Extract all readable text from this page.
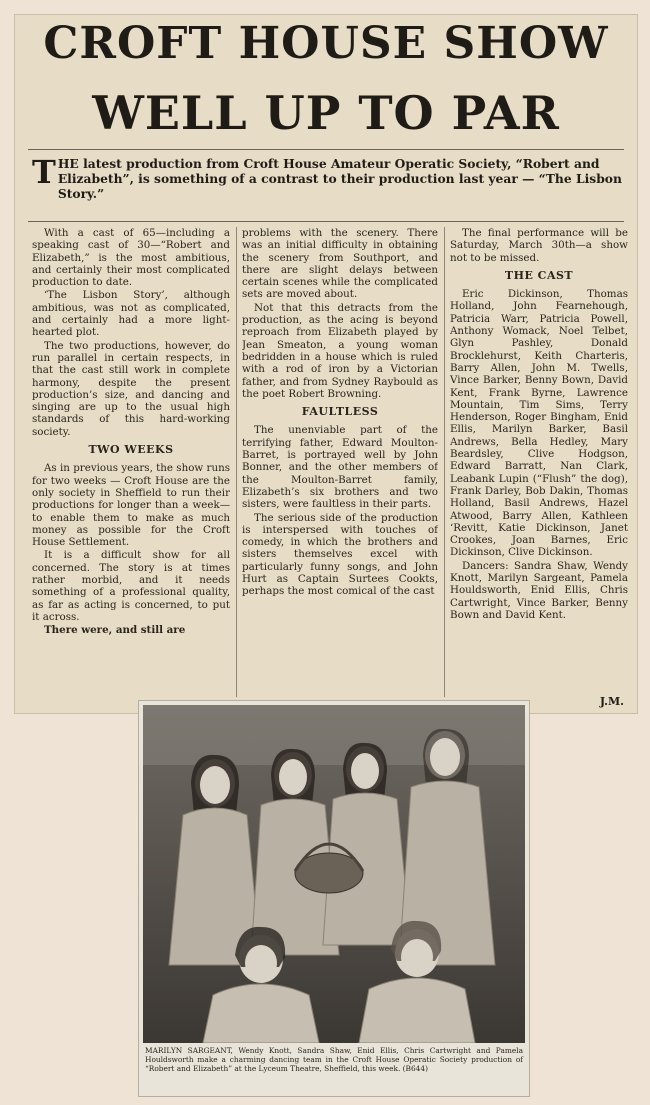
CROFT HOUSE SHOW
WELL UP TO PAR
T HE latest production from Croft House Amateur Operatic Society, “Robert and Elizabeth”, is something of a contrast to their production last year — “The Lisbon Story.”

With a cast of 65—including a speaking cast of 30—“Robert and Elizabeth,” is the most ambitious, and certainly their most complicated production to date.

‘The Lisbon Story’, although ambitious, was not as complicated, and certainly had a more light-hearted plot.

The two productions, however, do run parallel in certain respects, in that the cast still work in complete harmony, despite the present production’s size, and dancing and singing are up to the usual high standards of this hard-working society.

TWO WEEKS

As in previous years, the show runs for two weeks — Croft House are the only society in Sheffield to run their productions for longer than a week—to enable them to make as much money as possible for the Croft House Settlement.

It is a difficult show for all concerned. The story is at times rather morbid, and it needs something of a professional quality, as far as acting is concerned, to put it across.

There were, and still are

problems with the scenery. There was an initial difficulty in obtaining the scenery from Southport, and there are slight delays between certain scenes while the complicated sets are moved about.

Not that this detracts from the production, as the acing is beyond reproach from Elizabeth played by Jean Smeaton, a young woman bedridden in a house which is ruled with a rod of iron by a Victorian father, and from Sydney Raybould as the poet Robert Browning.

FAULTLESS

The unenviable part of the terrifying father, Edward Moulton-Barret, is portrayed well by John Bonner, and the other members of the Moulton-Barret family, Elizabeth’s six brothers and two sisters, were faultless in their parts.

The serious side of the production is interspersed with touches of comedy, in which the brothers and sisters themselves excel with particularly funny songs, and John Hurt as Captain Surtees Cookts, perhaps the most comical of the cast

The final performance will be Saturday, March 30th—a show not to be missed.

THE CAST

Eric Dickinson, Thomas Holland, John Fearnehough, Patricia Warr, Patricia Powell, Anthony Womack, Noel Telbet, Glyn Pashley, Donald Brocklehurst, Keith Charteris, Barry Allen, John M. Twells, Vince Barker, Benny Bown, David Kent, Frank Byrne, Lawrence Mountain, Tim Sims, Terry Henderson, Roger Bingham, Enid Ellis, Marilyn Barker, Basil Andrews, Bella Hedley, Mary Beardsley, Clive Hodgson, Edward Barratt, Nan Clark, Leabank Lupin (“Flush” the dog), Frank Darley, Bob Dakin, Thomas Holland, Basil Andrews, Hazel Atwood, Barry Allen, Kathleen ‘Revitt, Katie Dickinson, Janet Crookes, Joan Barnes, Eric Dickinson, Clive Dickinson.

Dancers: Sandra Shaw, Wendy Knott, Marilyn Sargeant, Pamela Houldsworth, Enid Ellis, Chris Cartwright, Vince Barker, Benny Bown and David Kent.

J.M.
MARILYN SARGEANT, Wendy Knott, Sandra Shaw, Enid Ellis, Chris Cartwright and Pamela Houldsworth make a charming dancing team in the Croft House Operatic Society production of “Robert and Elizabeth” at the Lyceum Theatre, Sheffield, this week. (B644)
